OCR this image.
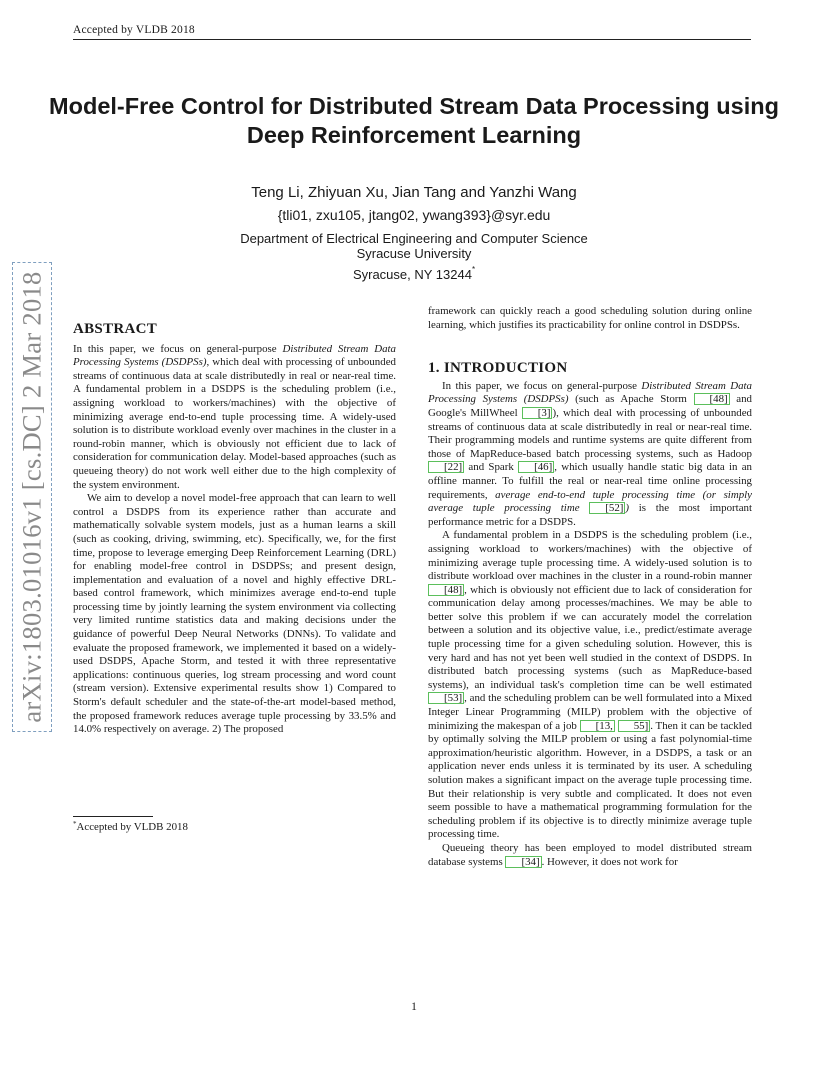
Accepted by VLDB 2018
Model-Free Control for Distributed Stream Data Processing using Deep Reinforcement Learning
Teng Li, Zhiyuan Xu, Jian Tang and Yanzhi Wang
{tli01, zxu105, jtang02, ywang393}@syr.edu
Department of Electrical Engineering and Computer Science
Syracuse University
Syracuse, NY 13244*
arXiv:1803.01016v1 [cs.DC] 2 Mar 2018 ABSTRACT

In this paper, we focus on general-purpose Distributed Stream Data Processing Systems (DSDPSs), which deal with processing of unbounded streams of continuous data at scale distributedly in real or near-real time. A fundamental problem in a DSDPS is the scheduling problem (i.e., assigning workload to workers/machines) with the objective of minimizing average end-to-end tuple processing time. A widely-used solution is to distribute workload evenly over machines in the cluster in a round-robin manner, which is obviously not efficient due to lack of consideration for communication delay. Model-based approaches (such as queueing theory) do not work well either due to the high complexity of the system environment.

We aim to develop a novel model-free approach that can learn to well control a DSDPS from its experience rather than accurate and mathematically solvable system models, just as a human learns a skill (such as cooking, driving, swimming, etc). Specifically, we, for the first time, propose to leverage emerging Deep Reinforcement Learning (DRL) for enabling model-free control in DSDPSs; and present design, implementation and evaluation of a novel and highly effective DRL-based control framework, which minimizes average end-to-end tuple processing time by jointly learning the system environment via collecting very limited runtime statistics data and making decisions under the guidance of powerful Deep Neural Networks (DNNs). To validate and evaluate the proposed framework, we implemented it based on a widely-used DSDPS, Apache Storm, and tested it with three representative applications: continuous queries, log stream processing and word count (stream version). Extensive experimental results show 1) Compared to Storm's default scheduler and the state-of-the-art model-based method, the proposed framework reduces average tuple processing by 33.5% and 14.0% respectively on average. 2) The proposed

*Accepted by VLDB 2018

framework can quickly reach a good scheduling solution during online learning, which justifies its practicability for online control in DSDPSs.

1. INTRODUCTION

In this paper, we focus on general-purpose Distributed Stream Data Processing Systems (DSDPSs) (such as Apache Storm [48] and Google's MillWheel [3] ), which deal with processing of unbounded streams of continuous data at scale distributedly in real or near-real time. Their programming models and runtime systems are quite different from those of MapReduce-based batch processing systems, such as Hadoop [22] and Spark [46] , which usually handle static big data in an offline manner. To fulfill the real or near-real time online processing requirements, average end-to-end tuple processing time (or simply average tuple processing time [52] ) is the most important performance metric for a DSDPS.

A fundamental problem in a DSDPS is the scheduling problem (i.e., assigning workload to workers/machines) with the objective of minimizing average tuple processing time. A widely-used solution is to distribute workload over machines in the cluster in a round-robin manner [48] , which is obviously not efficient due to lack of consideration for communication delay among processes/machines. We may be able to better solve this problem if we can accurately model the correlation between a solution and its objective value, i.e., predict/estimate average tuple processing time for a given scheduling solution. However, this is very hard and has not yet been well studied in the context of DSDPS. In distributed batch processing systems (such as MapReduce-based systems), an individual task's completion time can be well estimated [53] , and the scheduling problem can be well formulated into a Mixed Integer Linear Programming (MILP) problem with the objective of minimizing the makespan of a job [13, 55] . Then it can be tackled by optimally solving the MILP problem or using a fast polynomial-time approximation/heuristic algorithm. However, in a DSDPS, a task or an application never ends unless it is terminated by its user. A scheduling solution makes a significant impact on the average tuple processing time. But their relationship is very subtle and complicated. It does not even seem possible to have a mathematical programming formulation for the scheduling problem if its objective is to directly minimize average tuple processing time.

Queueing theory has been employed to model distributed stream database systems [34] . However, it does not work for

1
